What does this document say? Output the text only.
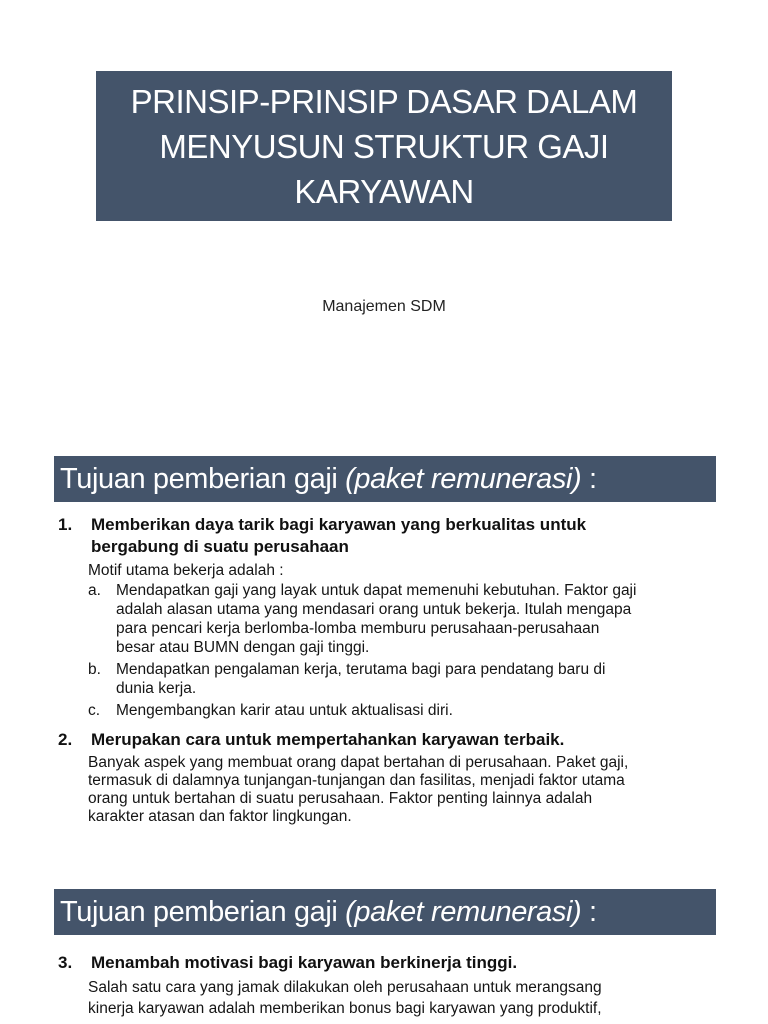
PRINSIP-PRINSIP DASAR DALAM
MENYUSUN STRUKTUR GAJI
KARYAWAN
Manajemen SDM
Tujuan pemberian gaji (paket remunerasi) :
1. Memberikan daya tarik bagi karyawan yang berkualitas untuk
bergabung di suatu perusahaan
Motif utama bekerja adalah :
a. Mendapatkan gaji yang layak untuk dapat memenuhi kebutuhan. Faktor gaji
adalah alasan utama yang mendasari orang untuk bekerja. Itulah mengapa
para pencari kerja berlomba-lomba memburu perusahaan-perusahaan
besar atau BUMN dengan gaji tinggi.
b. Mendapatkan pengalaman kerja, terutama bagi para pendatang baru di
dunia kerja.
c. Mengembangkan karir atau untuk aktualisasi diri.
2. Merupakan cara untuk mempertahankan karyawan terbaik.
Banyak aspek yang membuat orang dapat bertahan di perusahaan. Paket gaji,
termasuk di dalamnya tunjangan-tunjangan dan fasilitas, menjadi faktor utama
orang untuk bertahan di suatu perusahaan. Faktor penting lainnya adalah
karakter atasan dan faktor lingkungan.
Tujuan pemberian gaji (paket remunerasi) :
3. Menambah motivasi bagi karyawan berkinerja tinggi.
Salah satu cara yang jamak dilakukan oleh perusahaan untuk merangsang
kinerja karyawan adalah memberikan bonus bagi karyawan yang produktif,
